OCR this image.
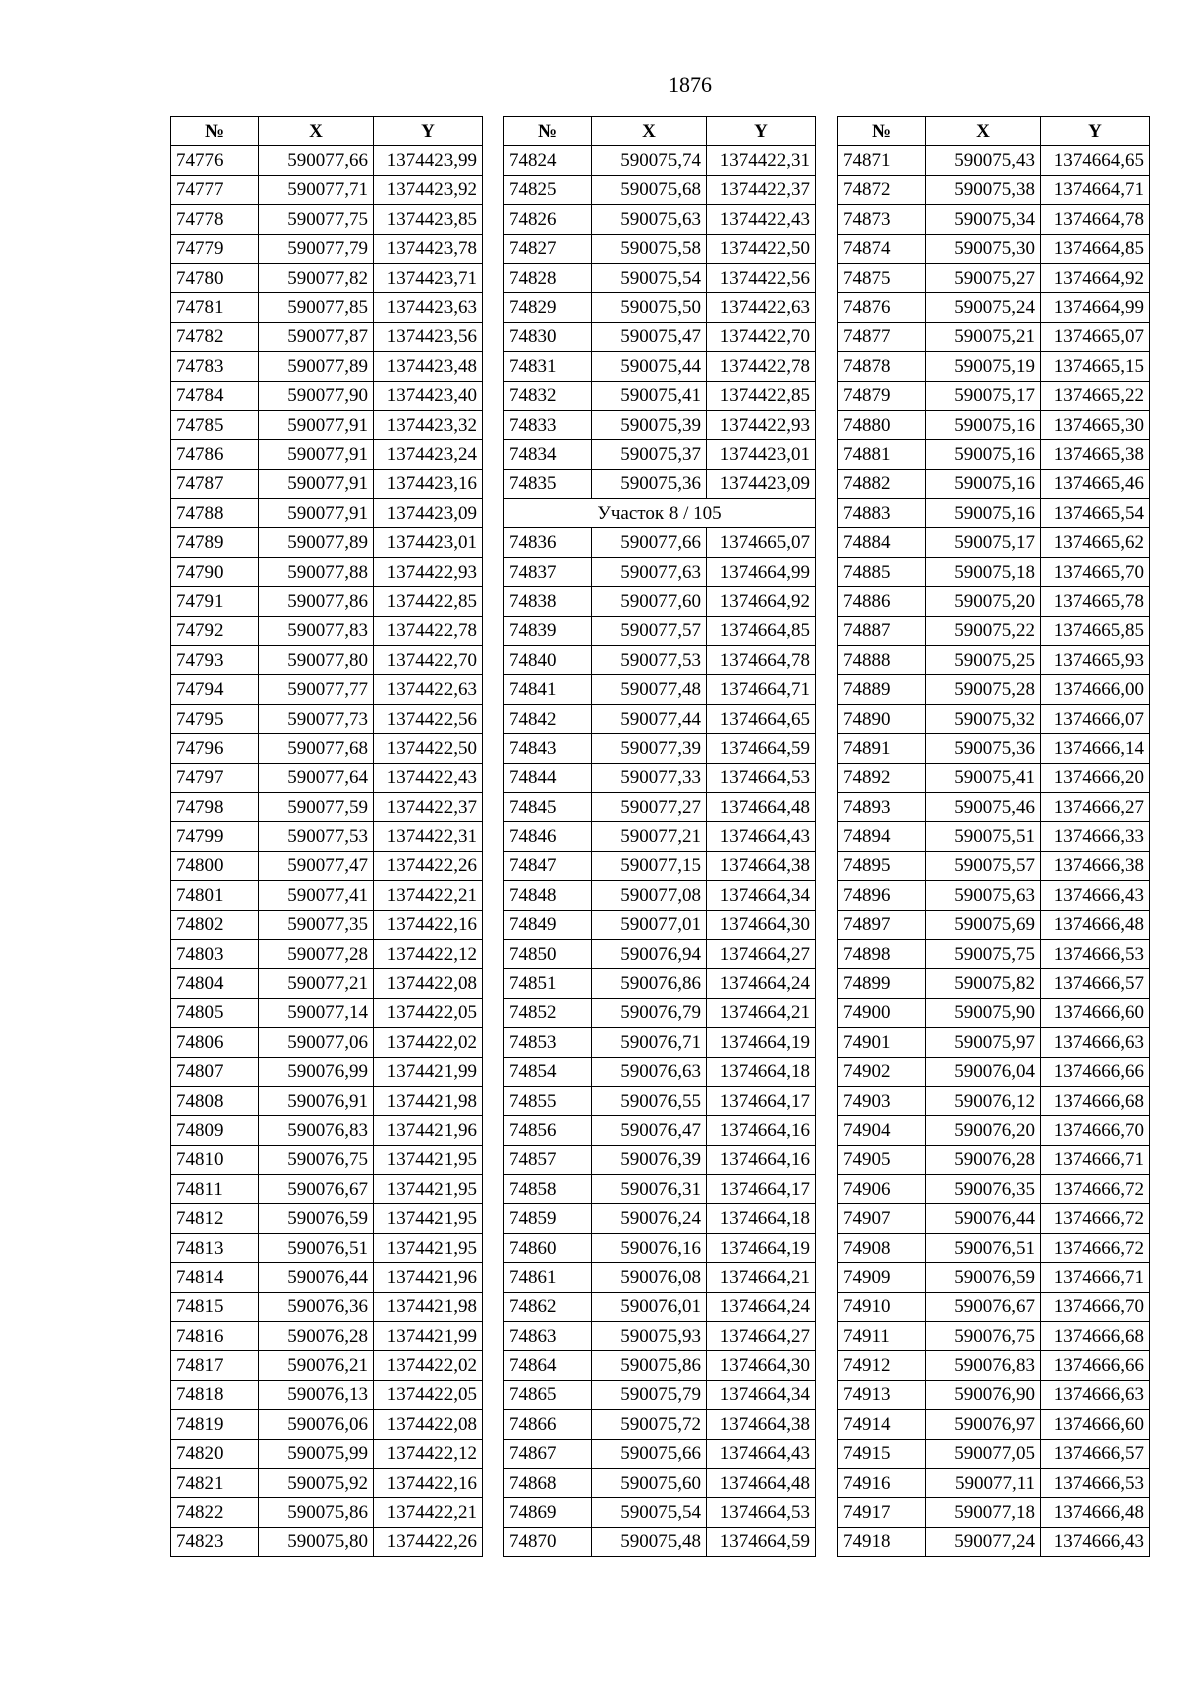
1876
№	X	Y
74776	590077,66	1374423,99
74777	590077,71	1374423,92
74778	590077,75	1374423,85
74779	590077,79	1374423,78
74780	590077,82	1374423,71
74781	590077,85	1374423,63
74782	590077,87	1374423,56
74783	590077,89	1374423,48
74784	590077,90	1374423,40
74785	590077,91	1374423,32
74786	590077,91	1374423,24
74787	590077,91	1374423,16
74788	590077,91	1374423,09
74789	590077,89	1374423,01
74790	590077,88	1374422,93
74791	590077,86	1374422,85
74792	590077,83	1374422,78
74793	590077,80	1374422,70
74794	590077,77	1374422,63
74795	590077,73	1374422,56
74796	590077,68	1374422,50
74797	590077,64	1374422,43
74798	590077,59	1374422,37
74799	590077,53	1374422,31
74800	590077,47	1374422,26
74801	590077,41	1374422,21
74802	590077,35	1374422,16
74803	590077,28	1374422,12
74804	590077,21	1374422,08
74805	590077,14	1374422,05
74806	590077,06	1374422,02
74807	590076,99	1374421,99
74808	590076,91	1374421,98
74809	590076,83	1374421,96
74810	590076,75	1374421,95
74811	590076,67	1374421,95
74812	590076,59	1374421,95
74813	590076,51	1374421,95
74814	590076,44	1374421,96
74815	590076,36	1374421,98
74816	590076,28	1374421,99
74817	590076,21	1374422,02
74818	590076,13	1374422,05
74819	590076,06	1374422,08
74820	590075,99	1374422,12
74821	590075,92	1374422,16
74822	590075,86	1374422,21
74823	590075,80	1374422,26
№	X	Y
74824	590075,74	1374422,31
74825	590075,68	1374422,37
74826	590075,63	1374422,43
74827	590075,58	1374422,50
74828	590075,54	1374422,56
74829	590075,50	1374422,63
74830	590075,47	1374422,70
74831	590075,44	1374422,78
74832	590075,41	1374422,85
74833	590075,39	1374422,93
74834	590075,37	1374423,01
74835	590075,36	1374423,09
Участок 8 / 105		
74836	590077,66	1374665,07
74837	590077,63	1374664,99
74838	590077,60	1374664,92
74839	590077,57	1374664,85
74840	590077,53	1374664,78
74841	590077,48	1374664,71
74842	590077,44	1374664,65
74843	590077,39	1374664,59
74844	590077,33	1374664,53
74845	590077,27	1374664,48
74846	590077,21	1374664,43
74847	590077,15	1374664,38
74848	590077,08	1374664,34
74849	590077,01	1374664,30
74850	590076,94	1374664,27
74851	590076,86	1374664,24
74852	590076,79	1374664,21
74853	590076,71	1374664,19
74854	590076,63	1374664,18
74855	590076,55	1374664,17
74856	590076,47	1374664,16
74857	590076,39	1374664,16
74858	590076,31	1374664,17
74859	590076,24	1374664,18
74860	590076,16	1374664,19
74861	590076,08	1374664,21
74862	590076,01	1374664,24
74863	590075,93	1374664,27
74864	590075,86	1374664,30
74865	590075,79	1374664,34
74866	590075,72	1374664,38
74867	590075,66	1374664,43
74868	590075,60	1374664,48
74869	590075,54	1374664,53
74870	590075,48	1374664,59
№	X	Y
74871	590075,43	1374664,65
74872	590075,38	1374664,71
74873	590075,34	1374664,78
74874	590075,30	1374664,85
74875	590075,27	1374664,92
74876	590075,24	1374664,99
74877	590075,21	1374665,07
74878	590075,19	1374665,15
74879	590075,17	1374665,22
74880	590075,16	1374665,30
74881	590075,16	1374665,38
74882	590075,16	1374665,46
74883	590075,16	1374665,54
74884	590075,17	1374665,62
74885	590075,18	1374665,70
74886	590075,20	1374665,78
74887	590075,22	1374665,85
74888	590075,25	1374665,93
74889	590075,28	1374666,00
74890	590075,32	1374666,07
74891	590075,36	1374666,14
74892	590075,41	1374666,20
74893	590075,46	1374666,27
74894	590075,51	1374666,33
74895	590075,57	1374666,38
74896	590075,63	1374666,43
74897	590075,69	1374666,48
74898	590075,75	1374666,53
74899	590075,82	1374666,57
74900	590075,90	1374666,60
74901	590075,97	1374666,63
74902	590076,04	1374666,66
74903	590076,12	1374666,68
74904	590076,20	1374666,70
74905	590076,28	1374666,71
74906	590076,35	1374666,72
74907	590076,44	1374666,72
74908	590076,51	1374666,72
74909	590076,59	1374666,71
74910	590076,67	1374666,70
74911	590076,75	1374666,68
74912	590076,83	1374666,66
74913	590076,90	1374666,63
74914	590076,97	1374666,60
74915	590077,05	1374666,57
74916	590077,11	1374666,53
74917	590077,18	1374666,48
74918	590077,24	1374666,43
